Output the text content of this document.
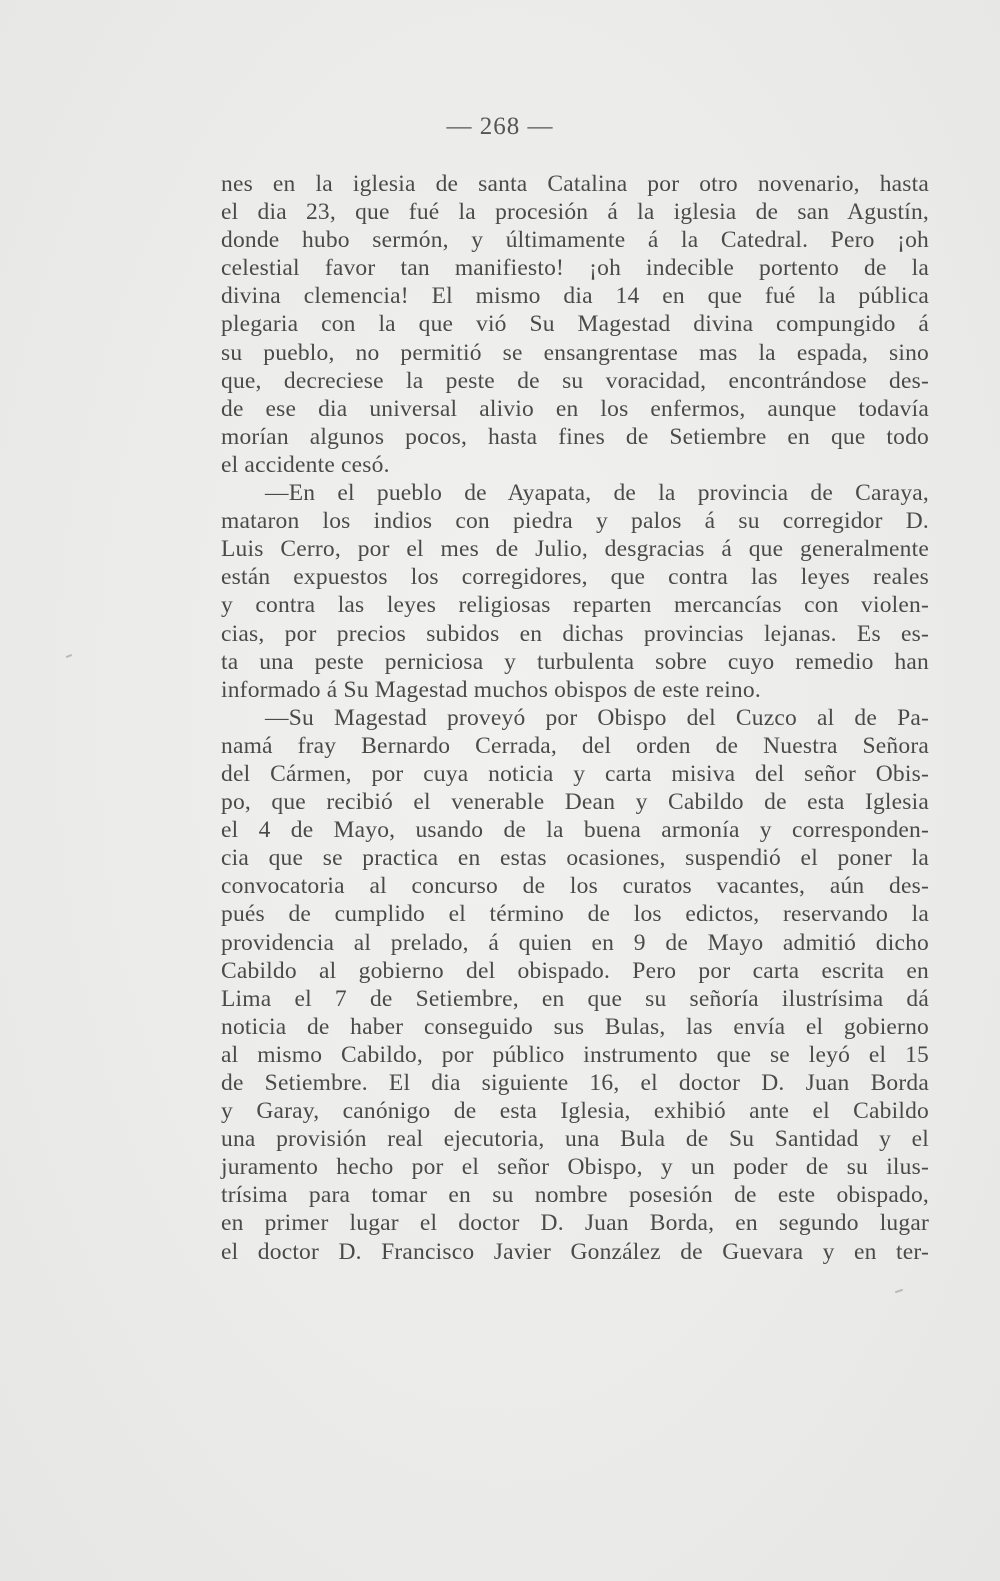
— 268 —
nes en la iglesia de santa Catalina por otro novenario, hasta
el dia 23, que fué la procesión á la iglesia de san Agustín,
donde hubo sermón, y últimamente á la Catedral. Pero ¡oh
celestial favor tan manifiesto! ¡oh indecible portento de la
divina clemencia! El mismo dia 14 en que fué la pública
plegaria con la que vió Su Magestad divina compungido á
su pueblo, no permitió se ensangrentase mas la espada, sino
que, decreciese la peste de su voracidad, encontrándose des-
de ese dia universal alivio en los enfermos, aunque todavía
morían algunos pocos, hasta fines de Setiembre en que todo
el accidente cesó.
—En el pueblo de Ayapata, de la provincia de Caraya,
mataron los indios con piedra y palos á su corregidor D.
Luis Cerro, por el mes de Julio, desgracias á que generalmente
están expuestos los corregidores, que contra las leyes reales
y contra las leyes religiosas reparten mercancías con violen-
cias, por precios subidos en dichas provincias lejanas. Es es-
ta una peste perniciosa y turbulenta sobre cuyo remedio han
informado á Su Magestad muchos obispos de este reino.
—Su Magestad proveyó por Obispo del Cuzco al de Pa-
namá fray Bernardo Cerrada, del orden de Nuestra Señora
del Cármen, por cuya noticia y carta misiva del señor Obis-
po, que recibió el venerable Dean y Cabildo de esta Iglesia
el 4 de Mayo, usando de la buena armonía y corresponden-
cia que se practica en estas ocasiones, suspendió el poner la
convocatoria al concurso de los curatos vacantes, aún des-
pués de cumplido el término de los edictos, reservando la
providencia al prelado, á quien en 9 de Mayo admitió dicho
Cabildo al gobierno del obispado. Pero por carta escrita en
Lima el 7 de Setiembre, en que su señoría ilustrísima dá
noticia de haber conseguido sus Bulas, las envía el gobierno
al mismo Cabildo, por público instrumento que se leyó el 15
de Setiembre. El dia siguiente 16, el doctor D. Juan Borda
y Garay, canónigo de esta Iglesia, exhibió ante el Cabildo
una provisión real ejecutoria, una Bula de Su Santidad y el
juramento hecho por el señor Obispo, y un poder de su ilus-
trísima para tomar en su nombre posesión de este obispado,
en primer lugar el doctor D. Juan Borda, en segundo lugar
el doctor D. Francisco Javier González de Guevara y en ter-
